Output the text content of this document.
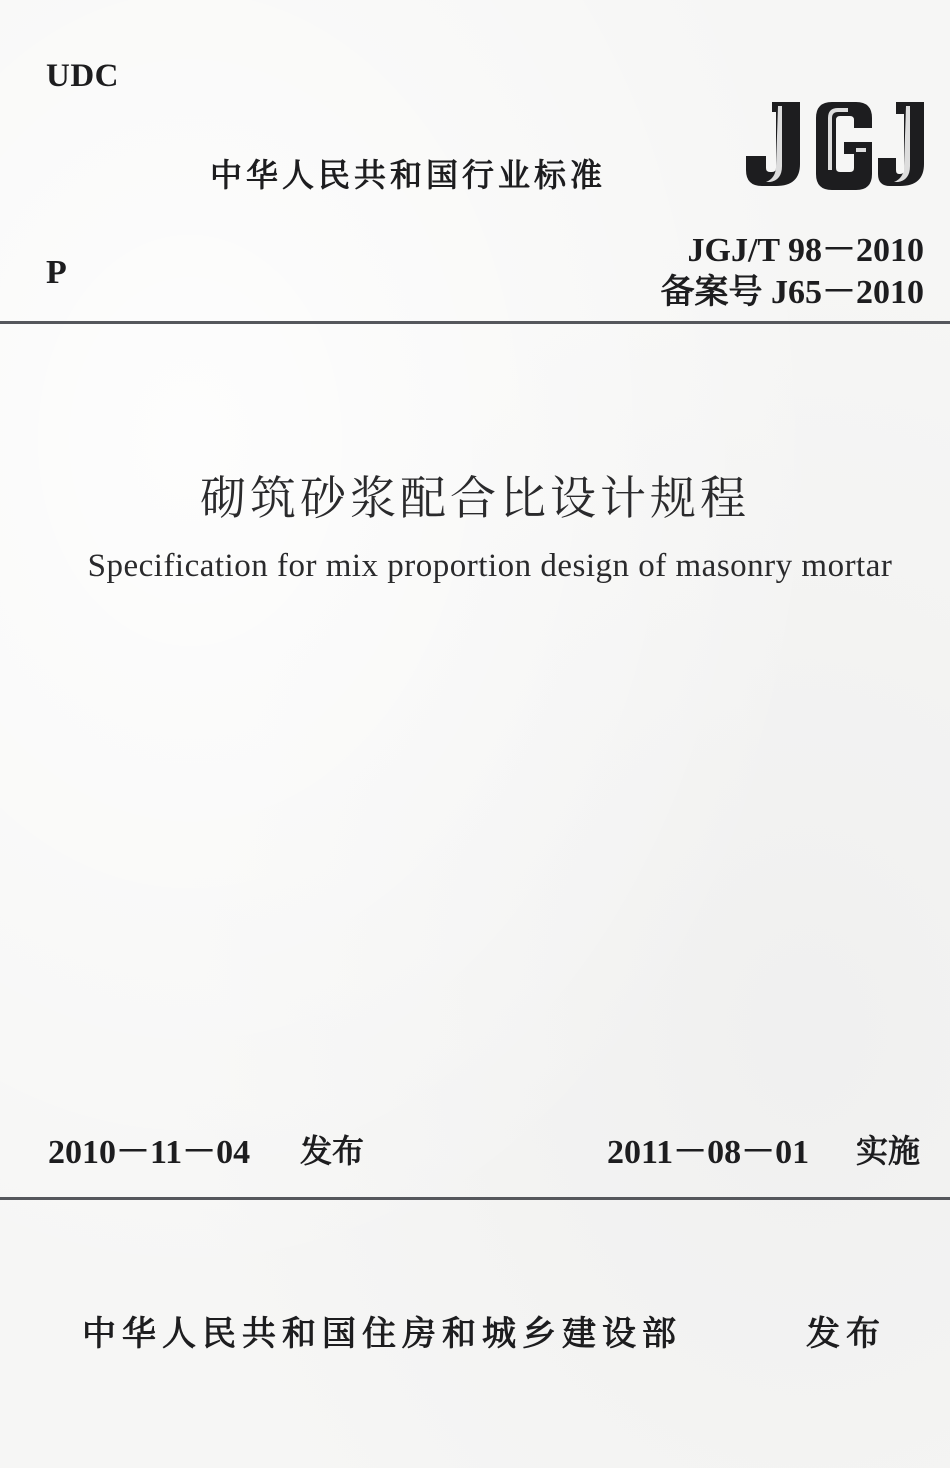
UDC
中华人民共和国行业标准
JGJ/T 98－2010
P
备案号 J65－2010
砌筑砂浆配合比设计规程
Specification for mix proportion design of masonry mortar
2010－11－04 发布	2011－08－01 实施
中华人民共和国住房和城乡建设部	发布
